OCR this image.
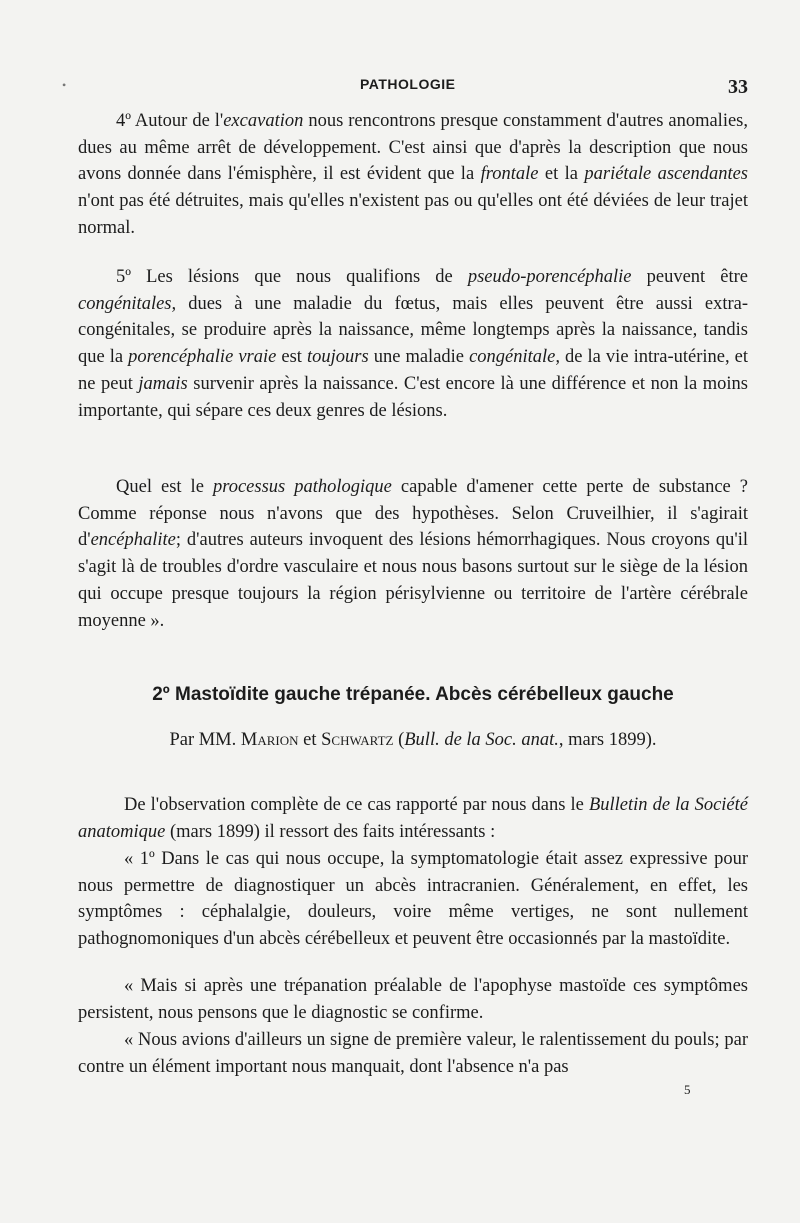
•	PATHOLOGIE	33

4º Autour de l'excavation nous rencontrons presque constamment d'autres anomalies, dues au même arrêt de développement. C'est ainsi que d'après la description que nous avons donnée dans l'émisphère, il est évident que la frontale et la pariétale ascendantes n'ont pas été détruites, mais qu'elles n'existent pas ou qu'elles ont été déviées de leur trajet normal.

5º Les lésions que nous qualifions de pseudo-porencéphalie peuvent être congénitales, dues à une maladie du fœtus, mais elles peuvent être aussi extra-congénitales, se produire après la naissance, même longtemps après la naissance, tandis que la porencéphalie vraie est toujours une maladie congénitale, de la vie intra-utérine, et ne peut jamais survenir après la naissance. C'est encore là une différence et non la moins importante, qui sépare ces deux genres de lésions.

Quel est le processus pathologique capable d'amener cette perte de substance ? Comme réponse nous n'avons que des hypothèses. Selon Cruveilhier, il s'agirait d'encéphalite; d'autres auteurs invoquent des lésions hémorrhagiques. Nous croyons qu'il s'agit là de troubles d'ordre vasculaire et nous nous basons surtout sur le siège de la lésion qui occupe presque toujours la région périsylvienne ou territoire de l'artère cérébrale moyenne ».

2º Mastoïdite gauche trépanée. Abcès cérébelleux gauche

Par MM. Marion et Schwartz (Bull. de la Soc. anat., mars 1899).

De l'observation complète de ce cas rapporté par nous dans le Bulletin de la Société anatomique (mars 1899) il ressort des faits intéressants :

« 1º Dans le cas qui nous occupe, la symptomatologie était assez expressive pour nous permettre de diagnostiquer un abcès intracranien. Généralement, en effet, les symptômes : céphalalgie, douleurs, voire même vertiges, ne sont nullement pathognomoniques d'un abcès cérébelleux et peuvent être occasionnés par la mastoïdite.

« Mais si après une trépanation préalable de l'apophyse mastoïde ces symptômes persistent, nous pensons que le diagnostic se confirme.

« Nous avions d'ailleurs un signe de première valeur, le ralentissement du pouls; par contre un élément important nous manquait, dont l'absence n'a pas

5
